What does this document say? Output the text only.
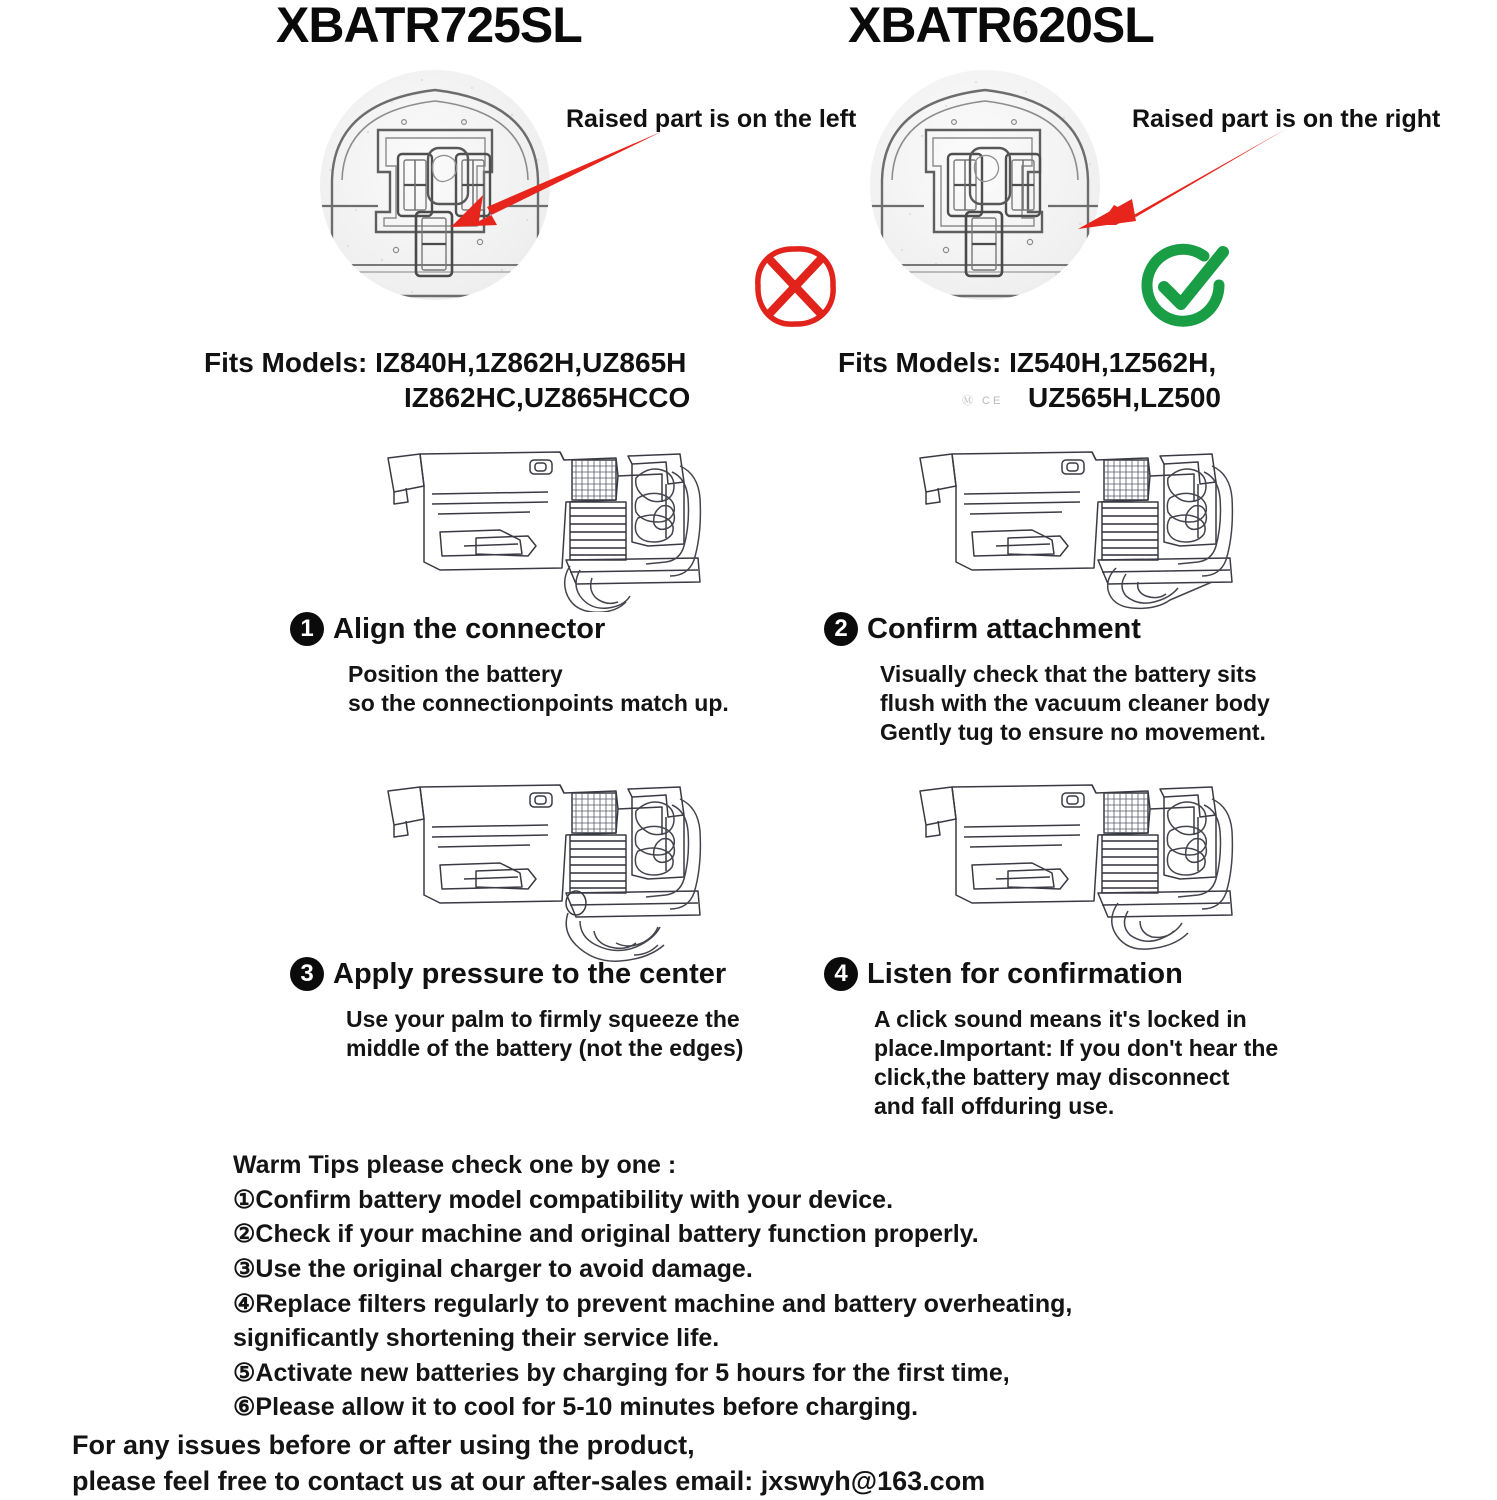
XBATR725SL	XBATR620SL
Raised part is on the left	Raised part is on the right
Fits Models: IZ840H,1Z862H,UZ865H
IZ862HC,UZ865HCCO
Fits Models: IZ540H,1Z562H,
UZ565H,LZ500
Ⓜ CE
1 Align the connector
Position the battery
so the connectionpoints match up.
2 Confirm attachment
Visually check that the battery sits
flush with the vacuum cleaner body
Gently tug to ensure no movement.
3 Apply pressure to the center
Use your palm to firmly squeeze the
middle of the battery (not the edges)
4 Listen for confirmation
A click sound means it's locked in
place.Important: If you don't hear the
click,the battery may disconnect
and fall offduring use.
Warm Tips please check one by one :
①Confirm battery model compatibility with your device.
②Check if your machine and original battery function properly.
③Use the original charger to avoid damage.
④Replace filters regularly to prevent machine and battery overheating,
significantly shortening their service life.
⑤Activate new batteries by charging for 5 hours for the first time,
⑥Please allow it to cool for 5-10 minutes before charging.
For any issues before or after using the product,
please feel free to contact us at our after-sales email: jxswyh@163.com
